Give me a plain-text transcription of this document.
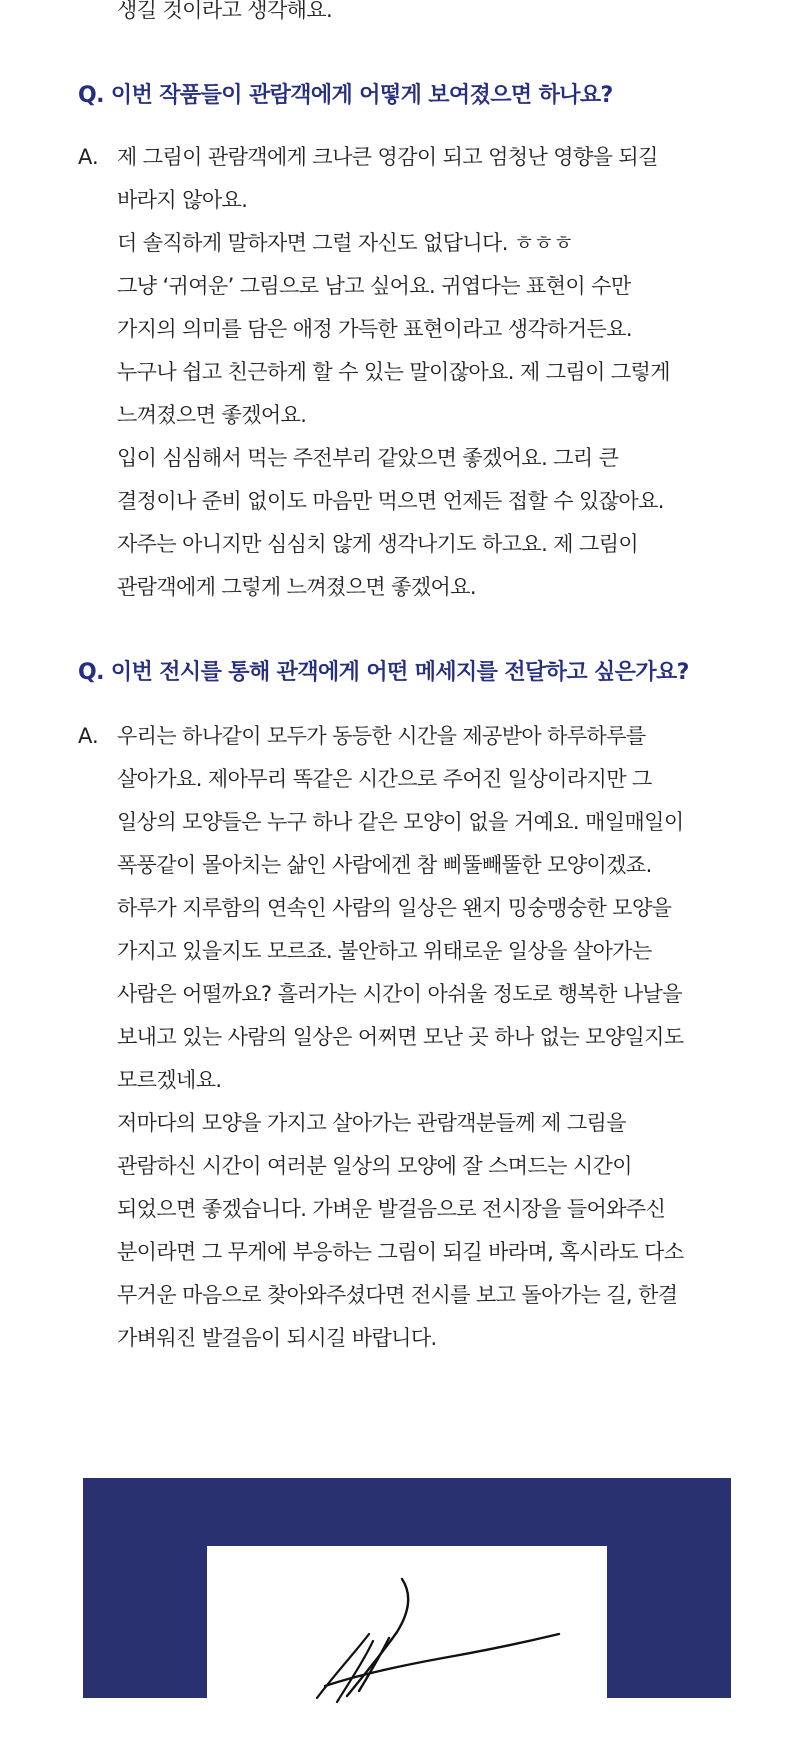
생길 것이라고 생각해요.
Q. 이번 작품들이 관람객에게 어떻게 보여졌으면 하나요?
A. 제 그림이 관람객에게 크나큰 영감이 되고 엄청난 영향을 되길
바라지 않아요.
더 솔직하게 말하자면 그럴 자신도 없답니다. ㅎㅎㅎ
그냥 ‘귀여운’ 그림으로 남고 싶어요. 귀엽다는 표현이 수만
가지의 의미를 담은 애정 가득한 표현이라고 생각하거든요.
누구나 쉽고 친근하게 할 수 있는 말이잖아요. 제 그림이 그렇게
느껴졌으면 좋겠어요.
입이 심심해서 먹는 주전부리 같았으면 좋겠어요. 그리 큰
결정이나 준비 없이도 마음만 먹으면 언제든 접할 수 있잖아요.
자주는 아니지만 심심치 않게 생각나기도 하고요. 제 그림이
관람객에게 그렇게 느껴졌으면 좋겠어요.
Q. 이번 전시를 통해 관객에게 어떤 메세지를 전달하고 싶은가요?
A. 우리는 하나같이 모두가 동등한 시간을 제공받아 하루하루를
살아가요. 제아무리 똑같은 시간으로 주어진 일상이라지만 그
일상의 모양들은 누구 하나 같은 모양이 없을 거예요. 매일매일이
폭풍같이 몰아치는 삶인 사람에겐 참 삐뚤빼뚤한 모양이겠죠.
하루가 지루함의 연속인 사람의 일상은 왠지 밍숭맹숭한 모양을
가지고 있을지도 모르죠. 불안하고 위태로운 일상을 살아가는
사람은 어떨까요? 흘러가는 시간이 아쉬울 정도로 행복한 나날을
보내고 있는 사람의 일상은 어쩌면 모난 곳 하나 없는 모양일지도
모르겠네요.
저마다의 모양을 가지고 살아가는 관람객분들께 제 그림을
관람하신 시간이 여러분 일상의 모양에 잘 스며드는 시간이
되었으면 좋겠습니다. 가벼운 발걸음으로 전시장을 들어와주신
분이라면 그 무게에 부응하는 그림이 되길 바라며, 혹시라도 다소
무거운 마음으로 찾아와주셨다면 전시를 보고 돌아가는 길, 한결
가벼워진 발걸음이 되시길 바랍니다.
